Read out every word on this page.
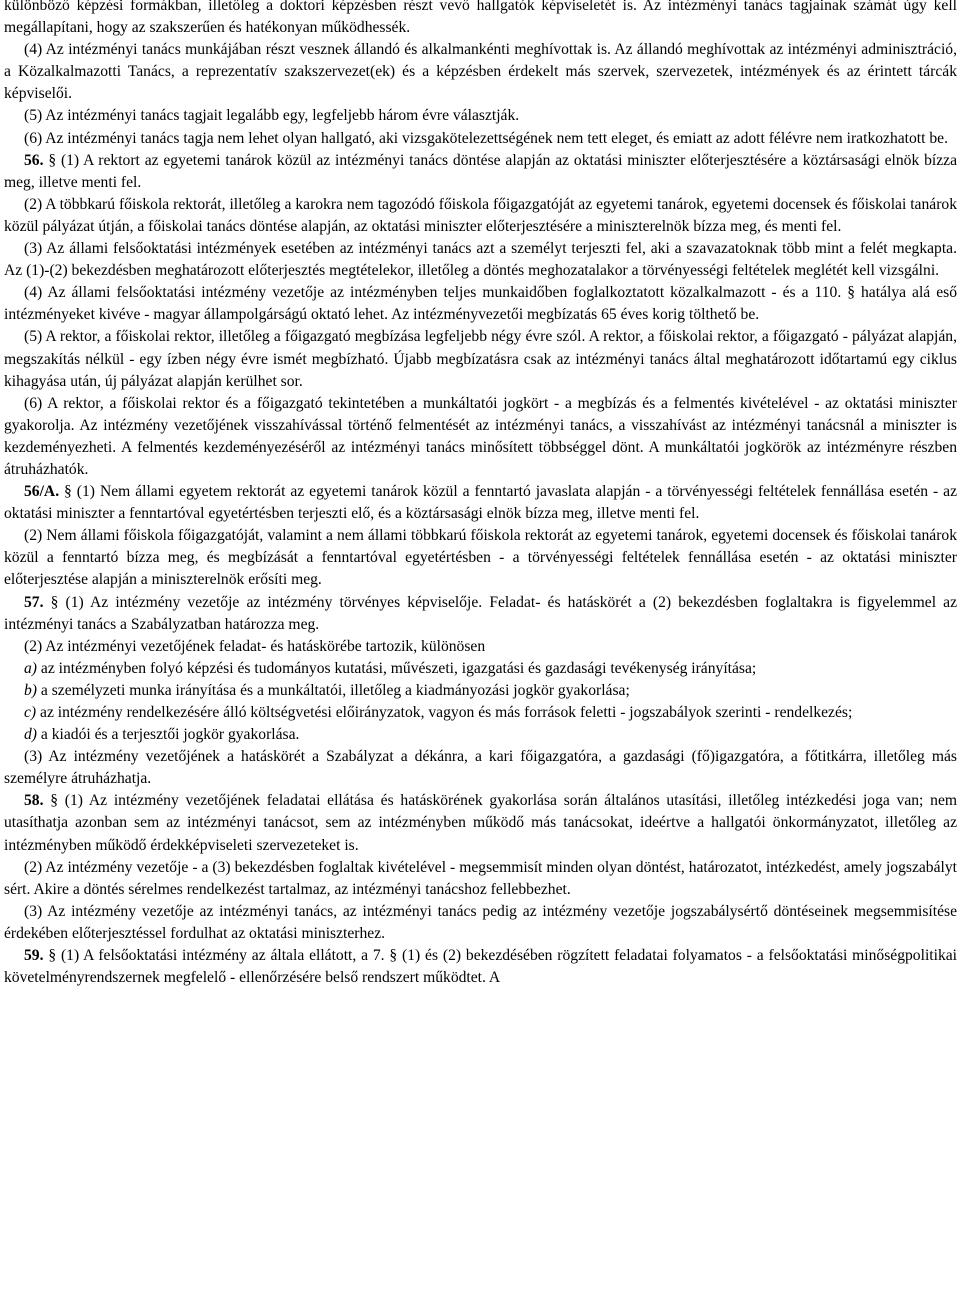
különböző képzési formákban, illetőleg a doktori képzésben részt vevő hallgatók képviseletét is. Az intézményi tanács tagjainak számát úgy kell megállapítani, hogy az szakszerűen és hatékonyan működhessék.

(4) Az intézményi tanács munkájában részt vesznek állandó és alkalmankénti meghívottak is. Az állandó meghívottak az intézményi adminisztráció, a Közalkalmazotti Tanács, a reprezentatív szakszervezet(ek) és a képzésben érdekelt más szervek, szervezetek, intézmények és az érintett tárcák képviselői.

(5) Az intézményi tanács tagjait legalább egy, legfeljebb három évre választják.

(6) Az intézményi tanács tagja nem lehet olyan hallgató, aki vizsgakötelezettségének nem tett eleget, és emiatt az adott félévre nem iratkozhatott be.

56. § (1) A rektort az egyetemi tanárok közül az intézményi tanács döntése alapján az oktatási miniszter előterjesztésére a köztársasági elnök bízza meg, illetve menti fel.

(2) A többkarú főiskola rektorát, illetőleg a karokra nem tagozódó főiskola főigazgatóját az egyetemi tanárok, egyetemi docensek és főiskolai tanárok közül pályázat útján, a főiskolai tanács döntése alapján, az oktatási miniszter előterjesztésére a miniszterelnök bízza meg, és menti fel.

(3) Az állami felsőoktatási intézmények esetében az intézményi tanács azt a személyt terjeszti fel, aki a szavazatoknak több mint a felét megkapta. Az (1)-(2) bekezdésben meghatározott előterjesztés megtételekor, illetőleg a döntés meghozatalakor a törvényességi feltételek meglétét kell vizsgálni.

(4) Az állami felsőoktatási intézmény vezetője az intézményben teljes munkaidőben foglalkoztatott közalkalmazott - és a 110. § hatálya alá eső intézményeket kivéve - magyar állampolgárságú oktató lehet. Az intézményvezetői megbízatás 65 éves korig tölthető be.

(5) A rektor, a főiskolai rektor, illetőleg a főigazgató megbízása legfeljebb négy évre szól. A rektor, a főiskolai rektor, a főigazgató - pályázat alapján, megszakítás nélkül - egy ízben négy évre ismét megbízható. Újabb megbízatásra csak az intézményi tanács által meghatározott időtartamú egy ciklus kihagyása után, új pályázat alapján kerülhet sor.

(6) A rektor, a főiskolai rektor és a főigazgató tekintetében a munkáltatói jogkört - a megbízás és a felmentés kivételével - az oktatási miniszter gyakorolja. Az intézmény vezetőjének visszahívással történő felmentését az intézményi tanács, a visszahívást az intézményi tanácsnál a miniszter is kezdeményezheti. A felmentés kezdeményezéséről az intézményi tanács minősített többséggel dönt. A munkáltatói jogkörök az intézményre részben átruházhatók.

56/A. § (1) Nem állami egyetem rektorát az egyetemi tanárok közül a fenntartó javaslata alapján - a törvényességi feltételek fennállása esetén - az oktatási miniszter a fenntartóval egyetértésben terjeszti elő, és a köztársasági elnök bízza meg, illetve menti fel.

(2) Nem állami főiskola főigazgatóját, valamint a nem állami többkarú főiskola rektorát az egyetemi tanárok, egyetemi docensek és főiskolai tanárok közül a fenntartó bízza meg, és megbízását a fenntartóval egyetértésben - a törvényességi feltételek fennállása esetén - az oktatási miniszter előterjesztése alapján a miniszterelnök erősíti meg.

57. § (1) Az intézmény vezetője az intézmény törvényes képviselője. Feladat- és hatáskörét a (2) bekezdésben foglaltakra is figyelemmel az intézményi tanács a Szabályzatban határozza meg.

(2) Az intézményi vezetőjének feladat- és hatáskörébe tartozik, különösen

a) az intézményben folyó képzési és tudományos kutatási, művészeti, igazgatási és gazdasági tevékenység irányítása;

b) a személyzeti munka irányítása és a munkáltatói, illetőleg a kiadmányozási jogkör gyakorlása;

c) az intézmény rendelkezésére álló költségvetési előirányzatok, vagyon és más források feletti - jogszabályok szerinti - rendelkezés;

d) a kiadói és a terjesztői jogkör gyakorlása.

(3) Az intézmény vezetőjének a hatáskörét a Szabályzat a dékánra, a kari főigazgatóra, a gazdasági (fő)igazgatóra, a főtitkárra, illetőleg más személyre átruházhatja.

58. § (1) Az intézmény vezetőjének feladatai ellátása és hatáskörének gyakorlása során általános utasítási, illetőleg intézkedési joga van; nem utasíthatja azonban sem az intézményi tanácsot, sem az intézményben működő más tanácsokat, ideértve a hallgatói önkormányzatot, illetőleg az intézményben működő érdekképviseleti szervezeteket is.

(2) Az intézmény vezetője - a (3) bekezdésben foglaltak kivételével - megsemmisít minden olyan döntést, határozatot, intézkedést, amely jogszabályt sért. Akire a döntés sérelmes rendelkezést tartalmaz, az intézményi tanácshoz fellebbezhet.

(3) Az intézmény vezetője az intézményi tanács, az intézményi tanács pedig az intézmény vezetője jogszabálysértő döntéseinek megsemmisítése érdekében előterjesztéssel fordulhat az oktatási miniszterhez.

59. § (1) A felsőoktatási intézmény az általa ellátott, a 7. § (1) és (2) bekezdésében rögzített feladatai folyamatos - a felsőoktatási minőségpolitikai követelményrendszernek megfelelő - ellenőrzésére belső rendszert működtet. A
